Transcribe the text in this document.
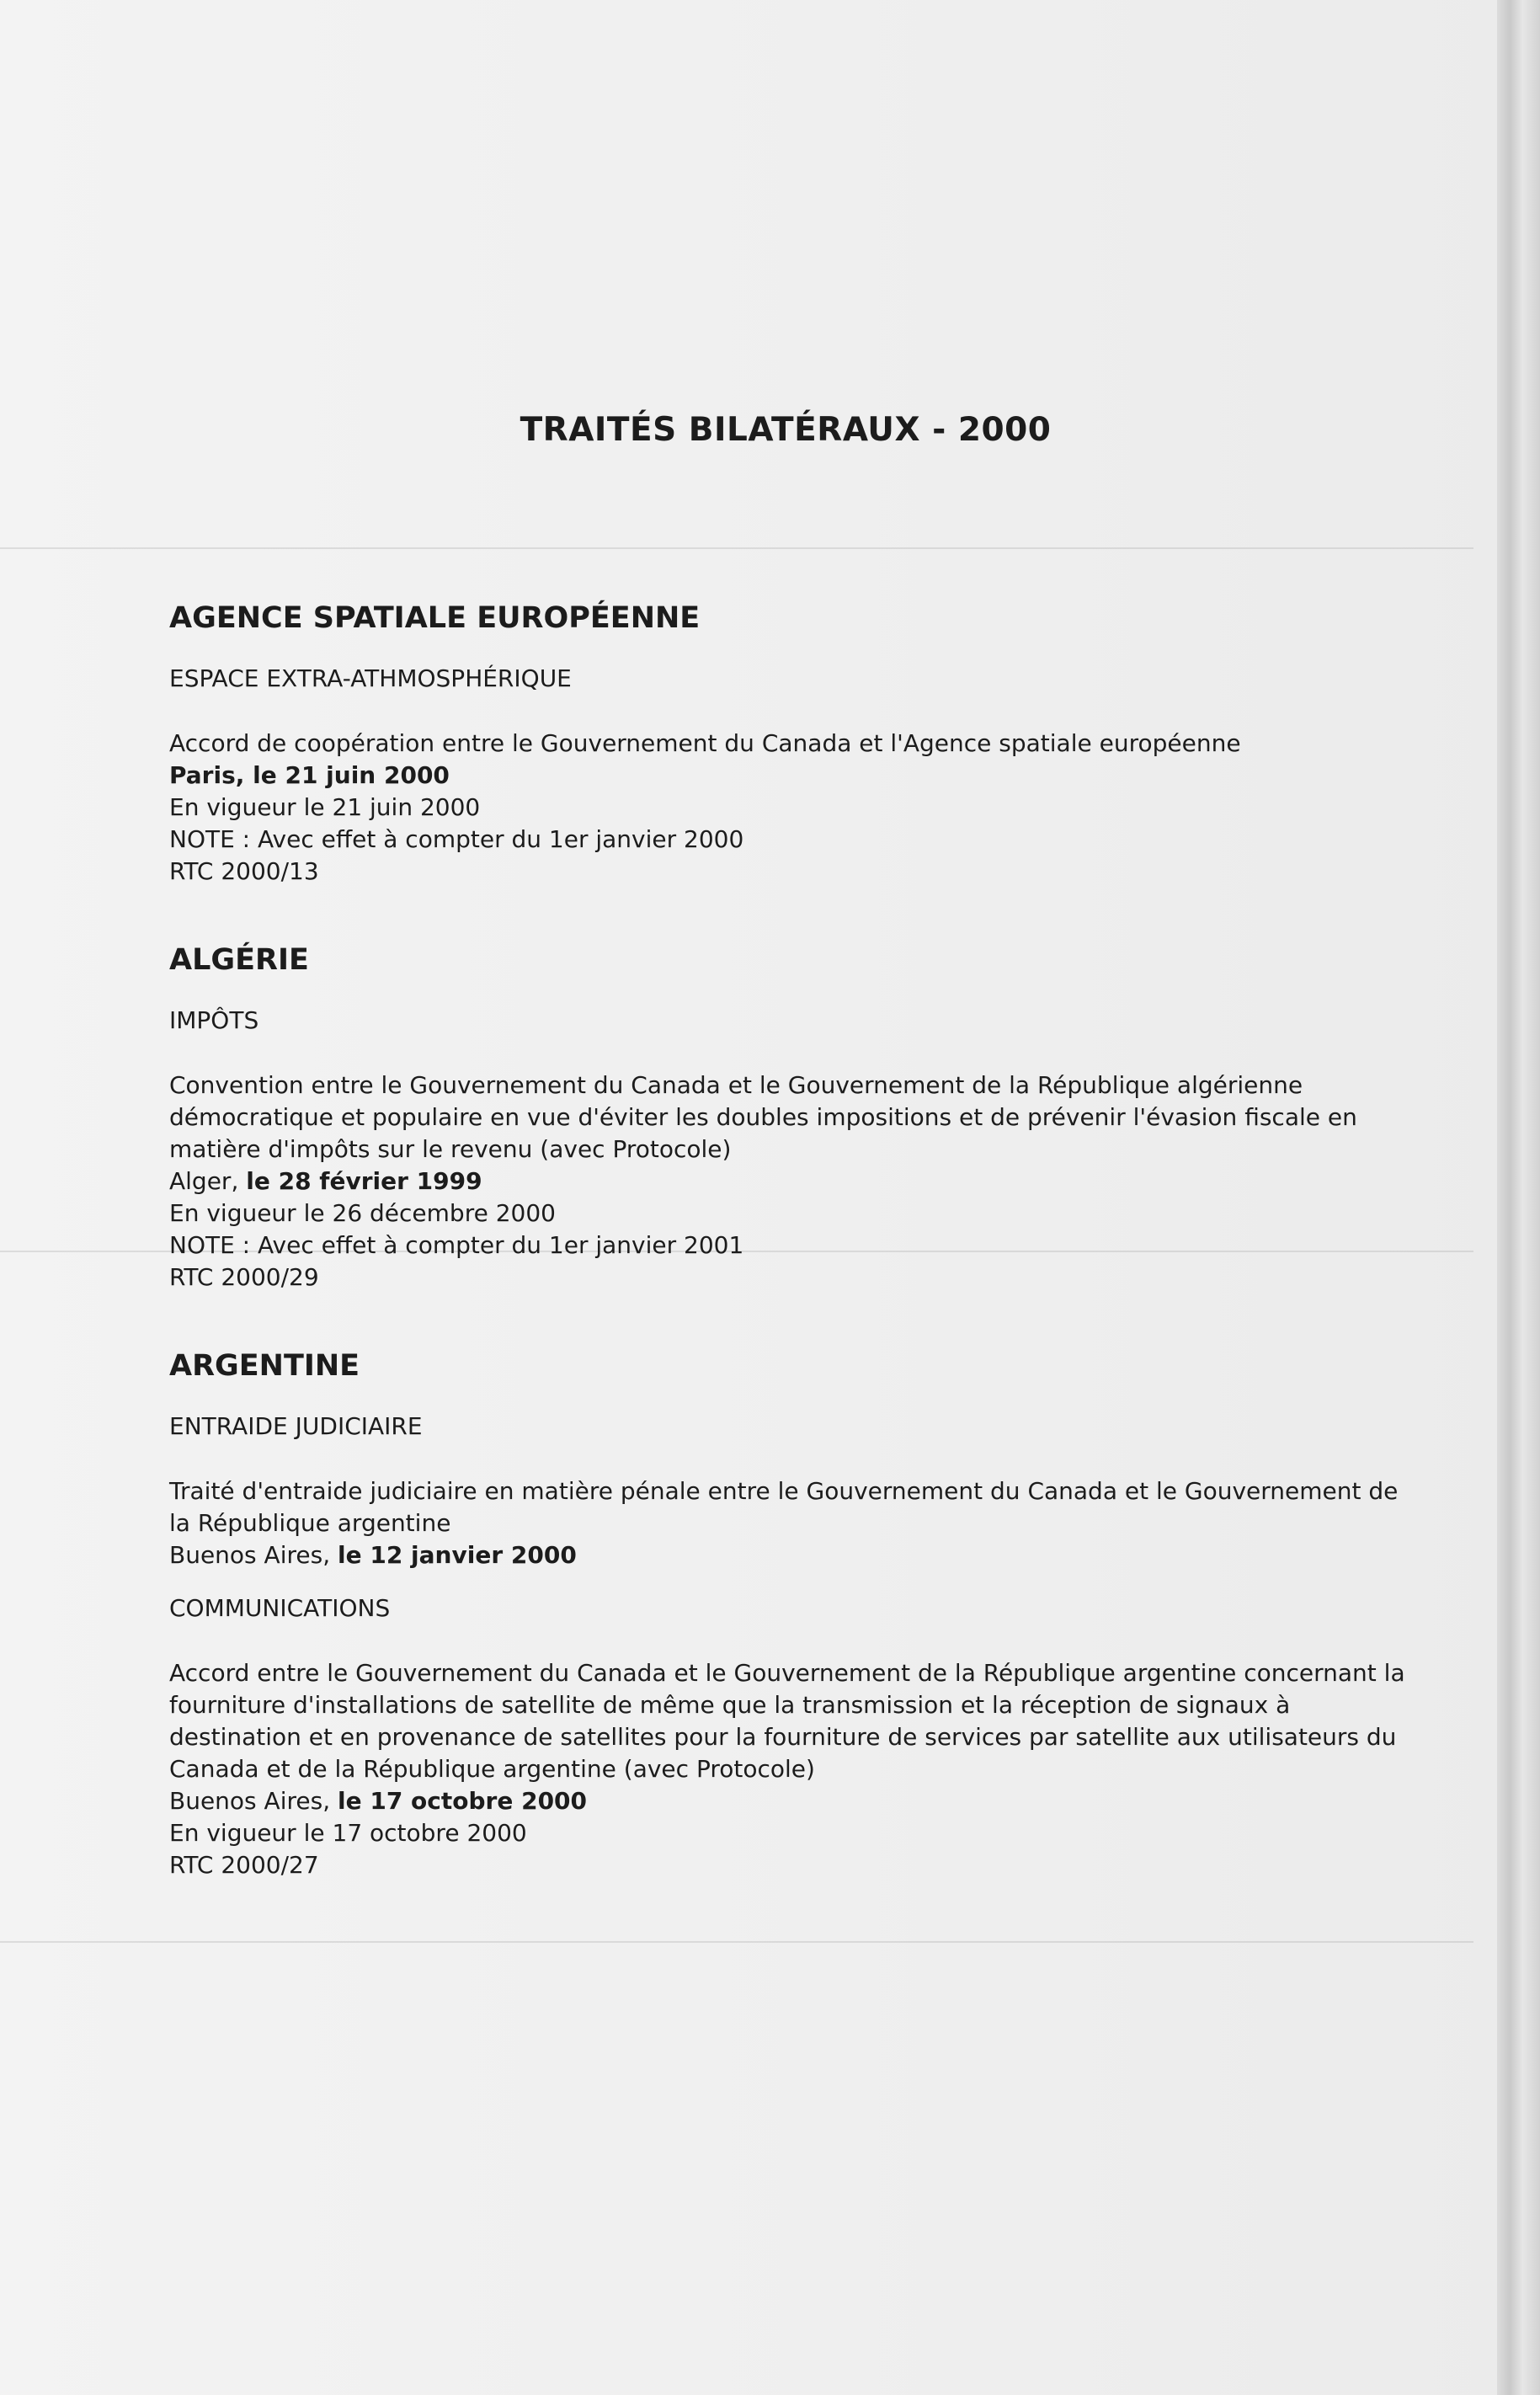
TRAITÉS BILATÉRAUX - 2000
AGENCE SPATIALE EUROPÉENNE

ESPACE EXTRA-ATHMOSPHÉRIQUE

Accord de coopération entre le Gouvernement du Canada et l'Agence spatiale européenne

Paris, le 21 juin 2000

En vigueur le 21 juin 2000

NOTE : Avec effet à compter du 1er janvier 2000

RTC 2000/13

ALGÉRIE

IMPÔTS

Convention entre le Gouvernement du Canada et le Gouvernement de la République algérienne démocratique et populaire en vue d'éviter les doubles impositions et de prévenir l'évasion fiscale en matière d'impôts sur le revenu (avec Protocole)

Alger, le 28 février 1999

En vigueur le 26 décembre 2000

NOTE : Avec effet à compter du 1er janvier 2001

RTC 2000/29

ARGENTINE

ENTRAIDE JUDICIAIRE

Traité d'entraide judiciaire en matière pénale entre le Gouvernement du Canada et le Gouvernement de la République argentine

Buenos Aires, le 12 janvier 2000

COMMUNICATIONS

Accord entre le Gouvernement du Canada et le Gouvernement de la République argentine concernant la fourniture d'installations de satellite de même que la transmission et la réception de signaux à destination et en provenance de satellites pour la fourniture de services par satellite aux utilisateurs du Canada et de la République argentine (avec Protocole)

Buenos Aires, le 17 octobre 2000

En vigueur le 17 octobre 2000

RTC 2000/27
